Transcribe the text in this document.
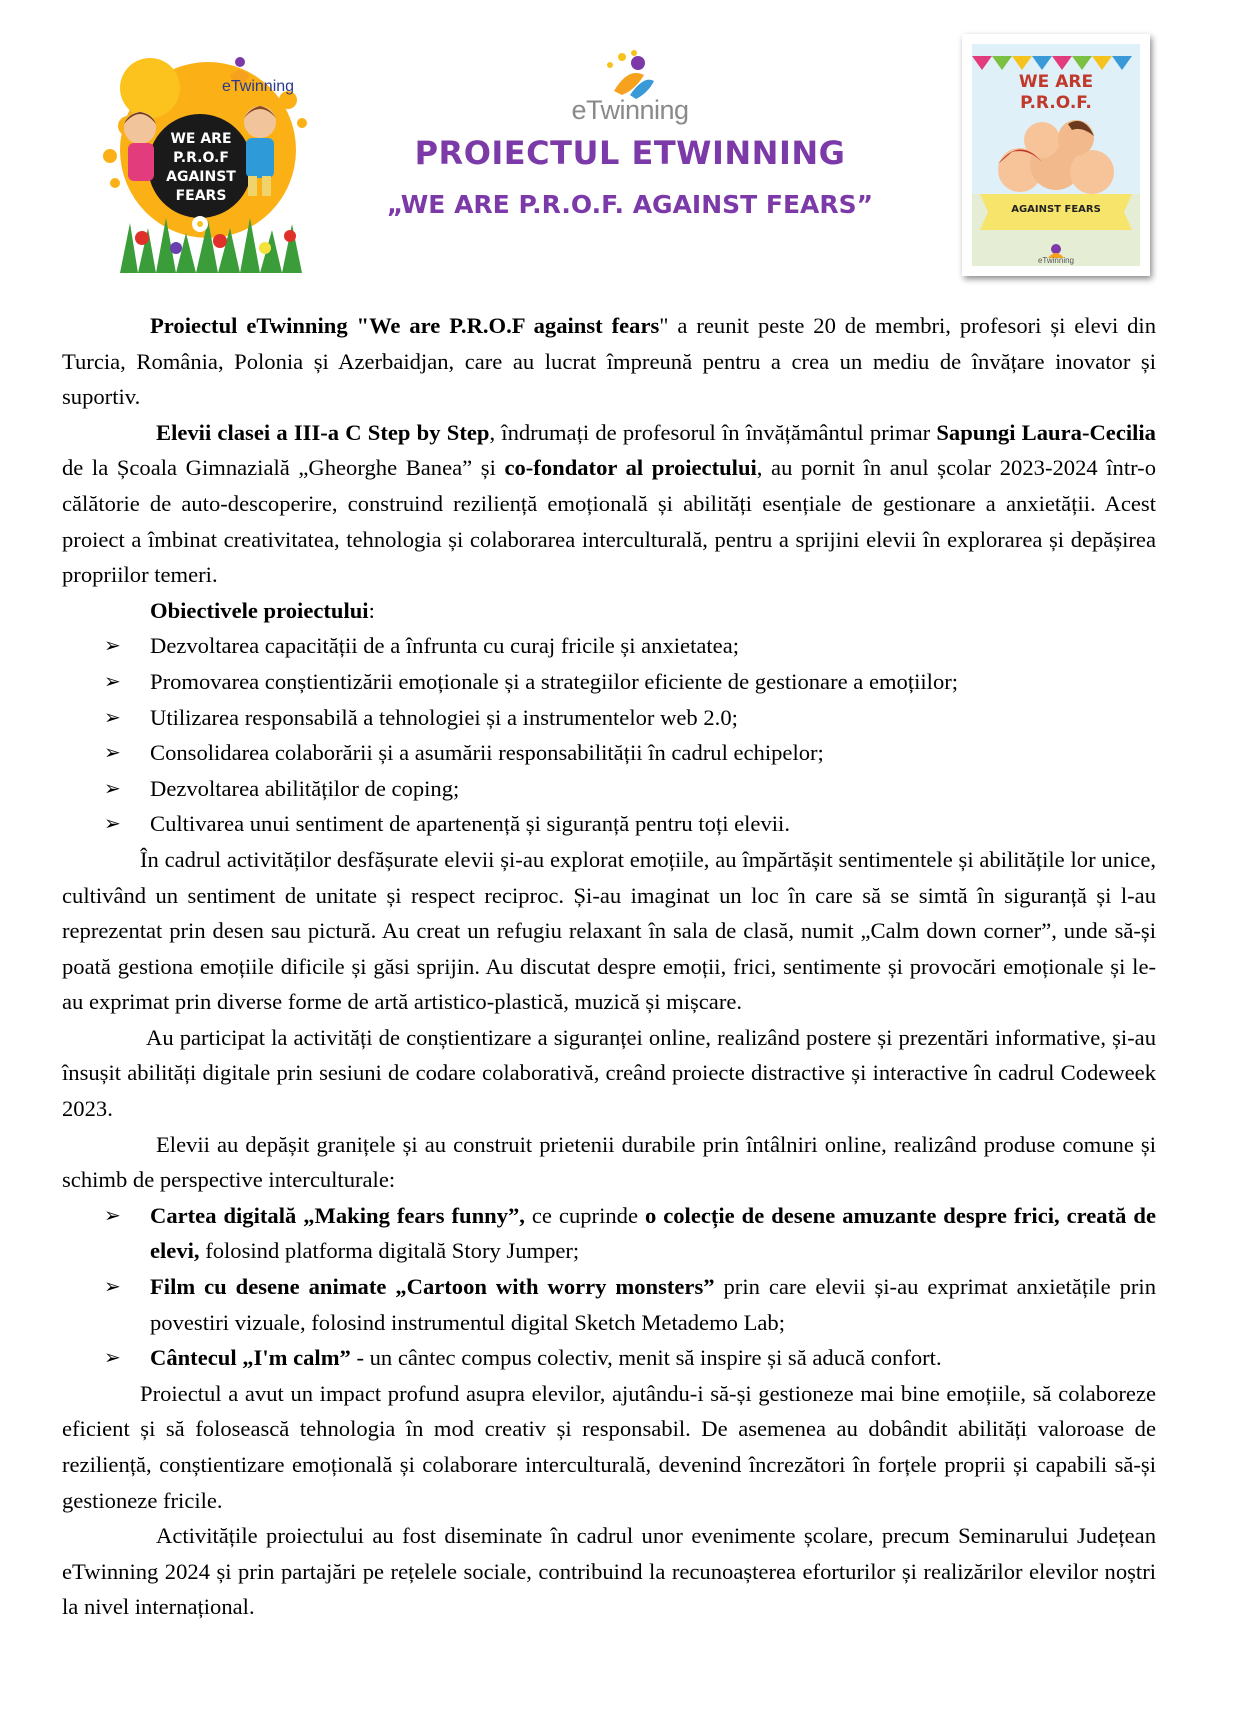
eTwinning
WE ARE
P.R.O.F
AGAINST
FEARS
eTwinning
PROIECTUL ETWINNING
„WE ARE P.R.O.F. AGAINST FEARS”
WE ARE
P.R.O.F.
AGAINST FEARS
eTwinning

Proiectul eTwinning "We are P.R.O.F against fears" a reunit peste 20 de membri, profesori și elevi din Turcia, România, Polonia și Azerbaidjan, care au lucrat împreună pentru a crea un mediu de învățare inovator și suportiv.

Elevii clasei a III-a C Step by Step, îndrumați de profesorul în învățământul primar Sapungi Laura-Cecilia de la Școala Gimnazială „Gheorghe Banea” și co-fondator al proiectului, au pornit în anul școlar 2023-2024 într-o călătorie de auto-descoperire, construind reziliență emoțională și abilități esențiale de gestionare a anxietății. Acest proiect a îmbinat creativitatea, tehnologia și colaborarea interculturală, pentru a sprijini elevii în explorarea și depășirea propriilor temeri.

Obiectivele proiectului:

➢ Dezvoltarea capacității de a înfrunta cu curaj fricile și anxietatea;
➢ Promovarea conștientizării emoționale și a strategiilor eficiente de gestionare a emoțiilor;
➢ Utilizarea responsabilă a tehnologiei și a instrumentelor web 2.0;
➢ Consolidarea colaborării și a asumării responsabilității în cadrul echipelor;
➢ Dezvoltarea abilităților de coping;
➢ Cultivarea unui sentiment de apartenență și siguranță pentru toți elevii.

În cadrul activităților desfășurate elevii și-au explorat emoțiile, au împărtășit sentimentele și abilitățile lor unice, cultivând un sentiment de unitate și respect reciproc. Și-au imaginat un loc în care să se simtă în siguranță și l-au reprezentat prin desen sau pictură. Au creat un refugiu relaxant în sala de clasă, numit „Calm down corner”, unde să-și poată gestiona emoțiile dificile și găsi sprijin. Au discutat despre emoții, frici, sentimente și provocări emoționale și le-au exprimat prin diverse forme de artă artistico-plastică, muzică și mișcare.

Au participat la activități de conștientizare a siguranței online, realizând postere și prezentări informative, și-au însușit abilități digitale prin sesiuni de codare colaborativă, creând proiecte distractive și interactive în cadrul Codeweek 2023.

Elevii au depășit granițele și au construit prietenii durabile prin întâlniri online, realizând produse comune și schimb de perspective interculturale:

➢ Cartea digitală „Making fears funny”, ce cuprinde o colecție de desene amuzante despre frici, creată de elevi, folosind platforma digitală Story Jumper;
➢ Film cu desene animate „Cartoon with worry monsters” prin care elevii și-au exprimat anxietățile prin povestiri vizuale, folosind instrumentul digital Sketch Metademo Lab;
➢ Cântecul „I'm calm” - un cântec compus colectiv, menit să inspire și să aducă confort.

Proiectul a avut un impact profund asupra elevilor, ajutându-i să-și gestioneze mai bine emoțiile, să colaboreze eficient și să folosească tehnologia în mod creativ și responsabil. De asemenea au dobândit abilități valoroase de reziliență, conștientizare emoțională și colaborare interculturală, devenind încrezători în forțele proprii și capabili să-și gestioneze fricile.

Activitățile proiectului au fost diseminate în cadrul unor evenimente școlare, precum Seminarului Județean eTwinning 2024 și prin partajări pe rețelele sociale, contribuind la recunoașterea eforturilor și realizărilor elevilor noștri la nivel internațional.
